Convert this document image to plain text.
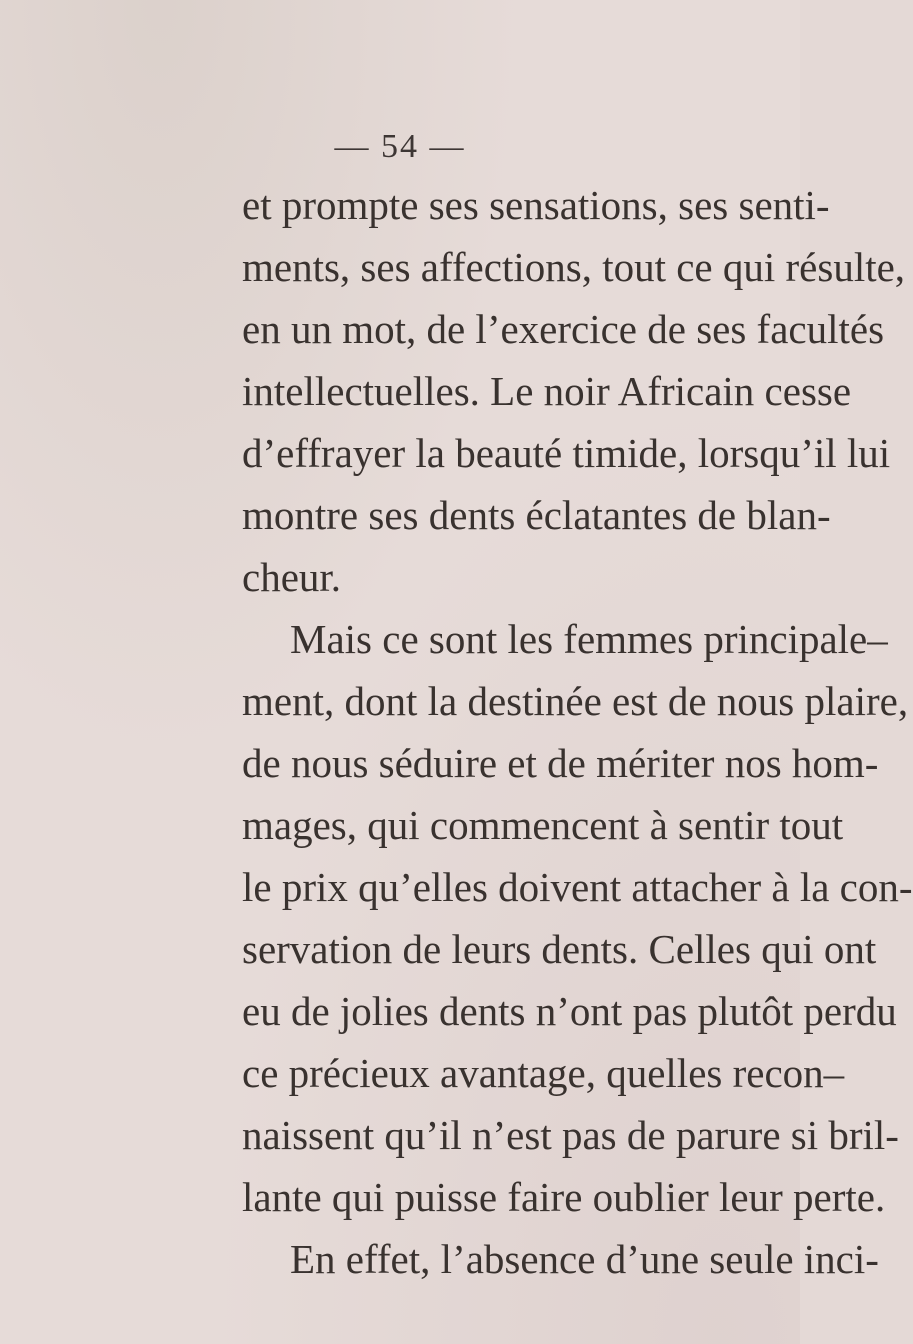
— 54 —
et prompte ses sensations, ses senti-
ments, ses affections, tout ce qui résulte,
en un mot, de l’exercice de ses facultés
intellectuelles. Le noir Africain cesse
d’effrayer la beauté timide, lorsqu’il lui
montre ses dents éclatantes de blan-
cheur.
Mais ce sont les femmes principale–
ment, dont la destinée est de nous plaire,
de nous séduire et de mériter nos hom-
mages, qui commencent à sentir tout
le prix qu’elles doivent attacher à la con-
servation de leurs dents. Celles qui ont
eu de jolies dents n’ont pas plutôt perdu
ce précieux avantage, quelles recon–
naissent qu’il n’est pas de parure si bril-
lante qui puisse faire oublier leur perte.
En effet, l’absence d’une seule inci-
